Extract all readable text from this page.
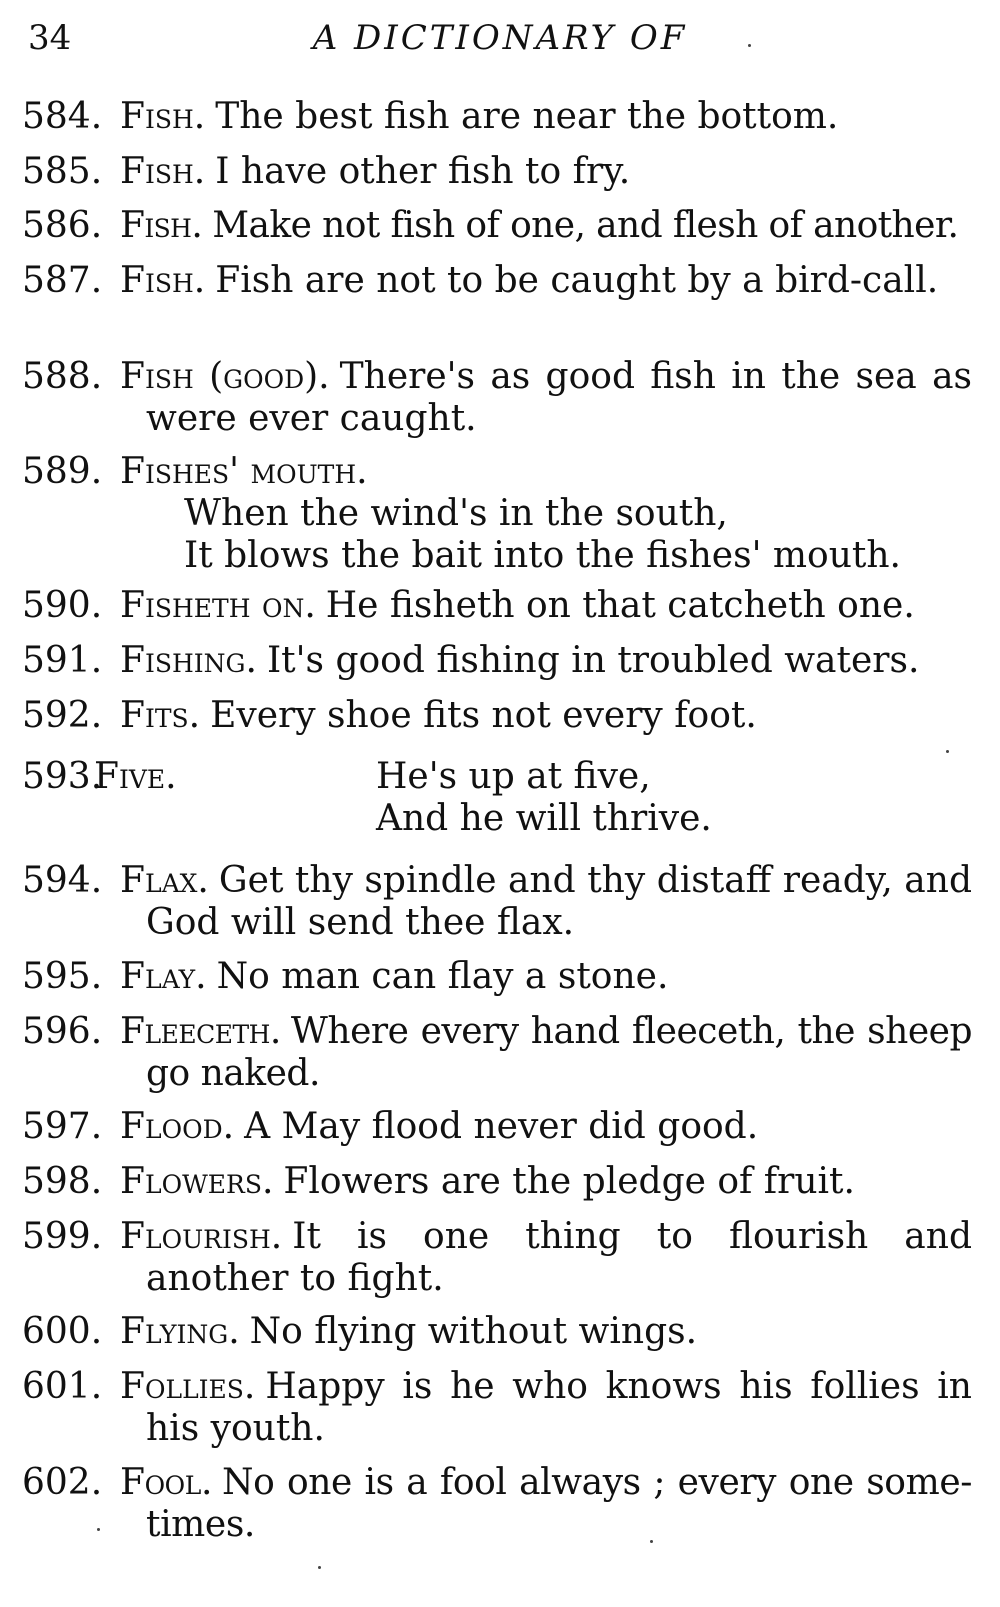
34	A DICTIONARY OF
584. Fish. The best fish are near the bottom.
585. Fish. I have other fish to fry.
586. Fish. Make not fish of one, and flesh of another.
587. Fish. Fish are not to be caught by a bird-call.
588. Fish (good). There's as good fish in the sea as were ever caught.
589. Fishes' mouth.
When the wind's in the south,
It blows the bait into the fishes' mouth.
590. Fisheth on. He fisheth on that catcheth one.
591. Fishing. It's good fishing in troubled waters.
592. Fits. Every shoe fits not every foot.
593.
Five.	He's up at five,
And he will thrive.
594. Flax. Get thy spindle and thy distaff ready, and God will send thee flax.
595. Flay. No man can flay a stone.
596. Fleeceth. Where every hand fleeceth, the sheep go naked.
597. Flood. A May flood never did good.
598. Flowers. Flowers are the pledge of fruit.
599. Flourish. It is one thing to flourish and another to fight.
600. Flying. No flying without wings.
601. Follies. Happy is he who knows his follies in his youth.
602. Fool. No one is a fool always ; every one some-times.
